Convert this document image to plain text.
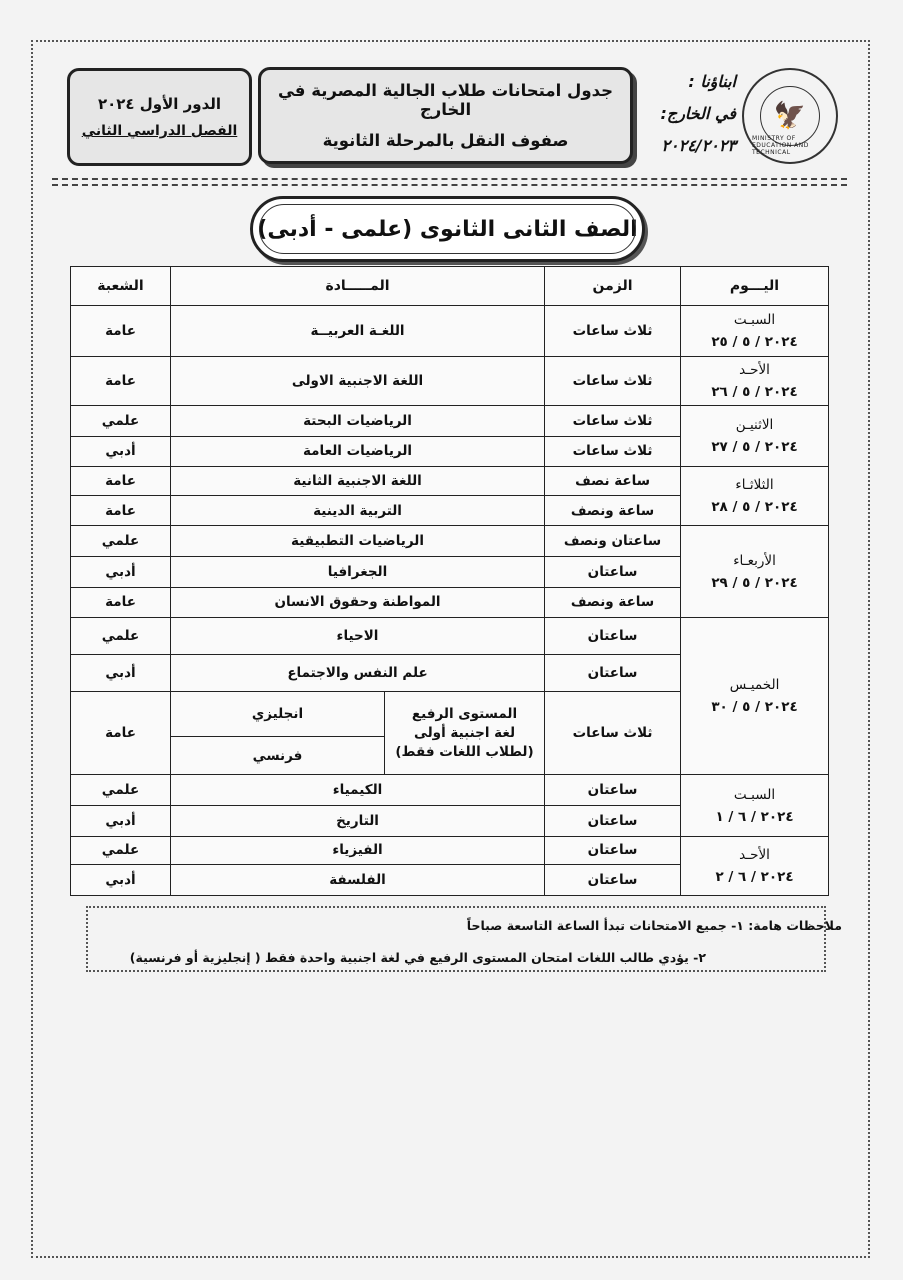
🦅
MINISTRY OF EDUCATION AND TECHNICAL
ابناؤنا :
في الخارج:
٢٠٢٤/٢٠٢٣
جدول امتحانات طلاب الجالية المصرية في الخارج
صفوف النقل بالمرحلة الثانوية
الدور الأول ٢٠٢٤
الفصل الدراسي الثاني
الصف الثانى الثانوى (علمى - أدبى)
اليـــوم	الزمن	المـــــادة		الشعبة

السبـت
٢٠٢٤ / ٥ / ٢٥	ثلاث ساعات	اللغـة العربيــة		عامة

الأحـد
٢٠٢٤ / ٥ / ٢٦	ثلاث ساعات	اللغة الاجنبية الاولى		عامة

الاثنيـن
٢٠٢٤ / ٥ / ٢٧	ثلاث ساعات	الرياضيات البحتة		علمي
	ثلاث ساعات	الرياضيات العامة		أدبي

الثلاثـاء
٢٠٢٤ / ٥ / ٢٨	ساعة نصف	اللغة الاجنبية الثانية		عامة
	ساعة ونصف	التربية الدينية		عامة

الأربعـاء
٢٠٢٤ / ٥ / ٢٩	ساعتان ونصف	الرياضيات التطبيقية		علمي
	ساعتان	الجغرافيا		أدبي
	ساعة ونصف	المواطنة وحقوق الانسان		عامة

الخميـس
٢٠٢٤ / ٥ / ٣٠	ساعتان	الاحياء		علمي
	ساعتان	علم النفس والاجتماع		أدبي
	ثلاث ساعات	المستوى الرفيع
لغة اجنبية أولى
(لطلاب اللغات فقط)	انجليزي	عامة
			فرنسي	

السبـت
٢٠٢٤ / ٦ / ١	ساعتان	الكيمياء		علمي
	ساعتان	التاريخ		أدبي

الأحـد
٢٠٢٤ / ٦ / ٢	ساعتان	الفيزياء		علمي
	ساعتان	الفلسفة		أدبي
ملاحظات هامة: ١- جميع الامتحانات تبدأ الساعة التاسعة صباحاً
٢- يؤدي طالب اللغات امتحان المستوى الرفيع في لغة اجنبية واحدة فقط ( إنجليزية أو فرنسية)
